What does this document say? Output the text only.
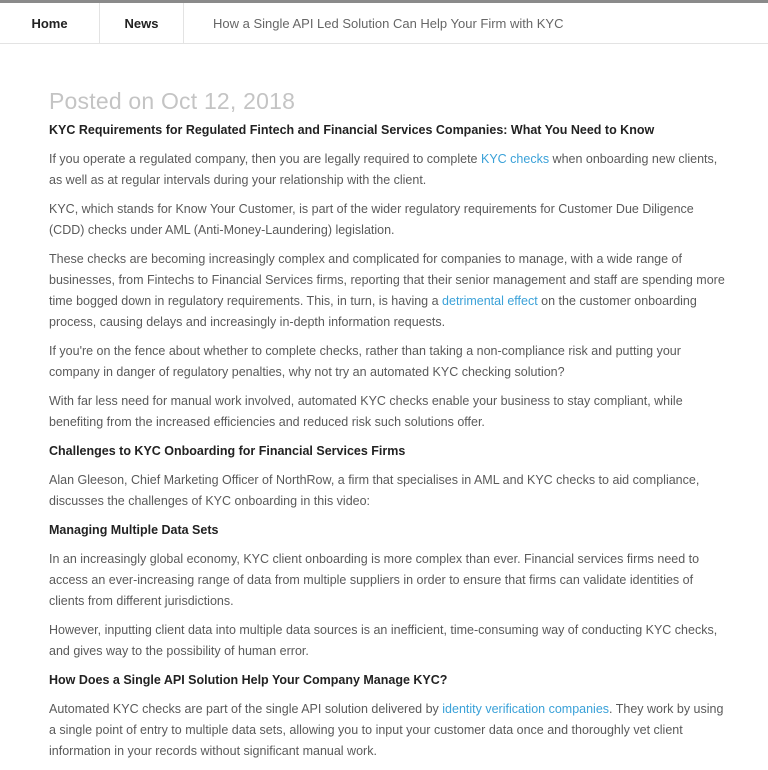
Home	News	How a Single API Led Solution Can Help Your Firm with KYC
Posted on Oct 12, 2018
KYC Requirements for Regulated Fintech and Financial Services Companies: What You Need to Know

If you operate a regulated company, then you are legally required to complete KYC checks when onboarding new clients, as well as at regular intervals during your relationship with the client.

KYC, which stands for Know Your Customer, is part of the wider regulatory requirements for Customer Due Diligence (CDD) checks under AML (Anti-Money-Laundering) legislation.

These checks are becoming increasingly complex and complicated for companies to manage, with a wide range of businesses, from Fintechs to Financial Services firms, reporting that their senior management and staff are spending more time bogged down in regulatory requirements. This, in turn, is having a detrimental effect on the customer onboarding process, causing delays and increasingly in-depth information requests.

If you're on the fence about whether to complete checks, rather than taking a non-compliance risk and putting your company in danger of regulatory penalties, why not try an automated KYC checking solution?

With far less need for manual work involved, automated KYC checks enable your business to stay compliant, while benefiting from the increased efficiencies and reduced risk such solutions offer.

Challenges to KYC Onboarding for Financial Services Firms

Alan Gleeson, Chief Marketing Officer of NorthRow, a firm that specialises in AML and KYC checks to aid compliance, discusses the challenges of KYC onboarding in this video:

Managing Multiple Data Sets

In an increasingly global economy, KYC client onboarding is more complex than ever. Financial services firms need to access an ever-increasing range of data from multiple suppliers in order to ensure that firms can validate identities of clients from different jurisdictions.

However, inputting client data into multiple data sources is an inefficient, time-consuming way of conducting KYC checks, and gives way to the possibility of human error.

How Does a Single API Solution Help Your Company Manage KYC?

Automated KYC checks are part of the single API solution delivered by identity verification companies. They work by using a single point of entry to multiple data sets, allowing you to input your customer data once and thoroughly vet client information in your records without significant manual work.
